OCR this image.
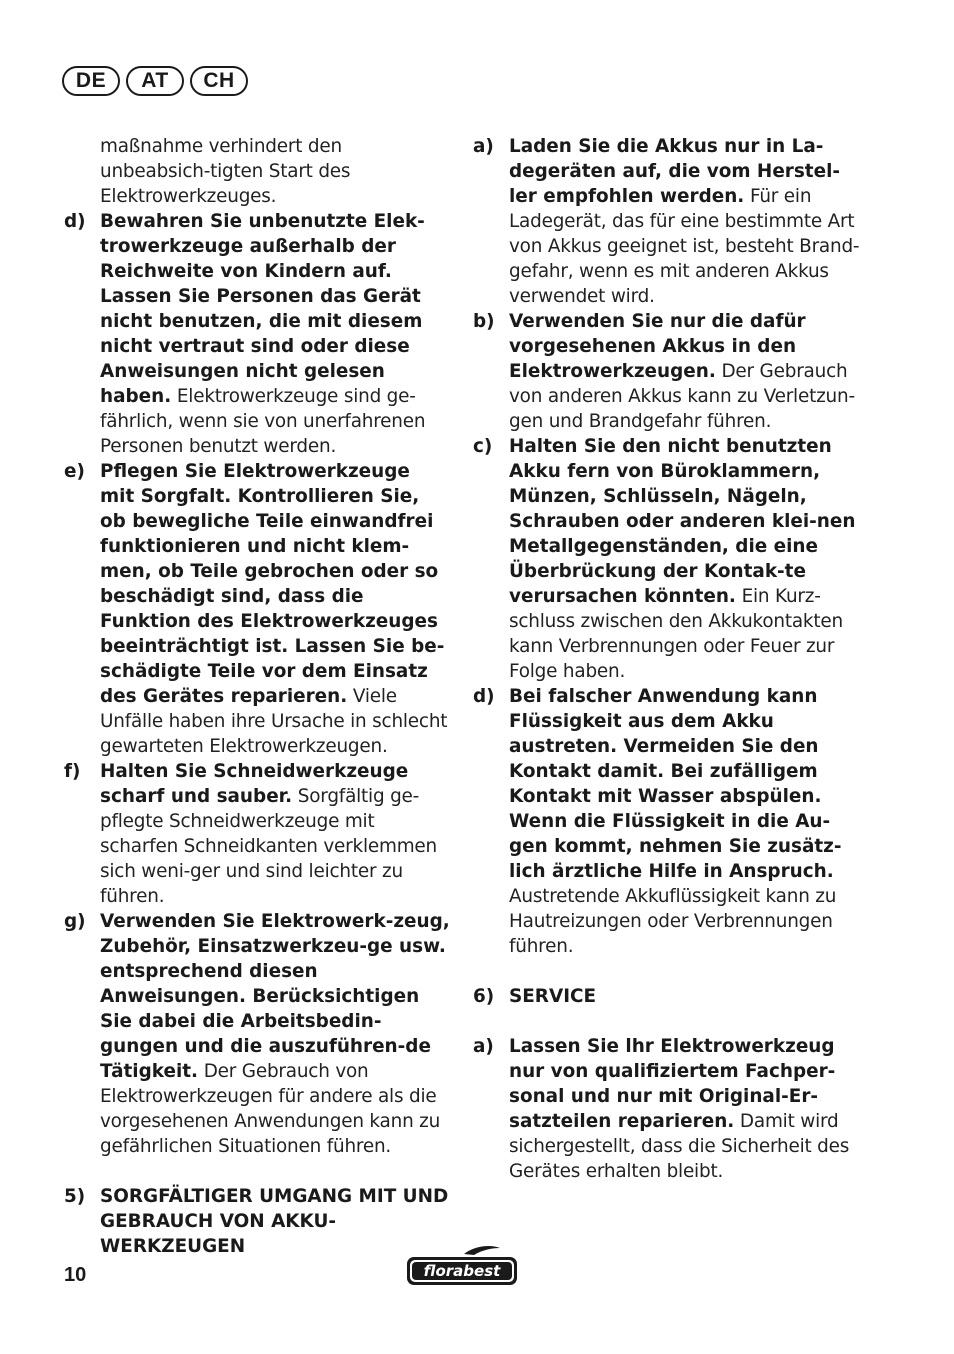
DE	AT	CH
maßnahme verhindert den unbeabsich-tigten Start des Elektrowerkzeuges.
d) Bewahren Sie unbenutzte Elek-trowerkzeuge außerhalb der Reichweite von Kindern auf. Lassen Sie Personen das Gerät nicht benutzen, die mit diesem nicht vertraut sind oder diese Anweisungen nicht gelesen haben. Elektrowerkzeuge sind ge-fährlich, wenn sie von unerfahrenen Personen benutzt werden.
e) Pflegen Sie Elektrowerkzeuge mit Sorgfalt. Kontrollieren Sie, ob bewegliche Teile einwandfrei funktionieren und nicht klem-men, ob Teile gebrochen oder so beschädigt sind, dass die Funktion des Elektrowerkzeuges beeinträchtigt ist. Lassen Sie be-schädigte Teile vor dem Einsatz des Gerätes reparieren. Viele Unfälle haben ihre Ursache in schlecht gewarteten Elektrowerkzeugen.
f)	Halten Sie Schneidwerkzeuge scharf und sauber. Sorgfältig ge-pflegte Schneidwerkzeuge mit scharfen Schneidkanten verklemmen sich weni-ger und sind leichter zu führen.
g) Verwenden Sie Elektrowerk-zeug, Zubehör, Einsatzwerkzeu-ge usw. entsprechend diesen Anweisungen. Berücksichtigen Sie dabei die Arbeitsbedin-gungen und die auszuführen-de Tätigkeit. Der Gebrauch von Elektrowerkzeugen für andere als die vorgesehenen Anwendungen kann zu gefährlichen Situationen führen.
5) SORGFÄLTIGER UMGANG MIT UND GEBRAUCH VON AKKU-WERKZEUGEN
a) Laden Sie die Akkus nur in La-degeräten auf, die vom Herstel-ler empfohlen werden. Für ein Ladegerät, das für eine bestimmte Art von Akkus geeignet ist, besteht Brand-gefahr, wenn es mit anderen Akkus verwendet wird.
b) Verwenden Sie nur die dafür vorgesehenen Akkus in den Elektrowerkzeugen. Der Gebrauch von anderen Akkus kann zu Verletzun-gen und Brandgefahr führen.
c) Halten Sie den nicht benutzten Akku fern von Büroklammern, Münzen, Schlüsseln, Nägeln, Schrauben oder anderen klei-nen Metallgegenständen, die eine Überbrückung der Kontak-te verursachen könnten. Ein Kurz-schluss zwischen den Akkukontakten kann Verbrennungen oder Feuer zur Folge haben.
d) Bei falscher Anwendung kann Flüssigkeit aus dem Akku austreten. Vermeiden Sie den Kontakt damit. Bei zufälligem Kontakt mit Wasser abspülen. Wenn die Flüssigkeit in die Au-gen kommt, nehmen Sie zusätz-lich ärztliche Hilfe in Anspruch. Austretende Akkuflüssigkeit kann zu Hautreizungen oder Verbrennungen führen.
6) SERVICE
a) Lassen Sie lhr Elektrowerkzeug nur von qualifiziertem Fachper-sonal und nur mit Original-Er-satzteilen reparieren. Damit wird sichergestellt, dass die Sicherheit des Gerätes erhalten bleibt.
10	florabest
